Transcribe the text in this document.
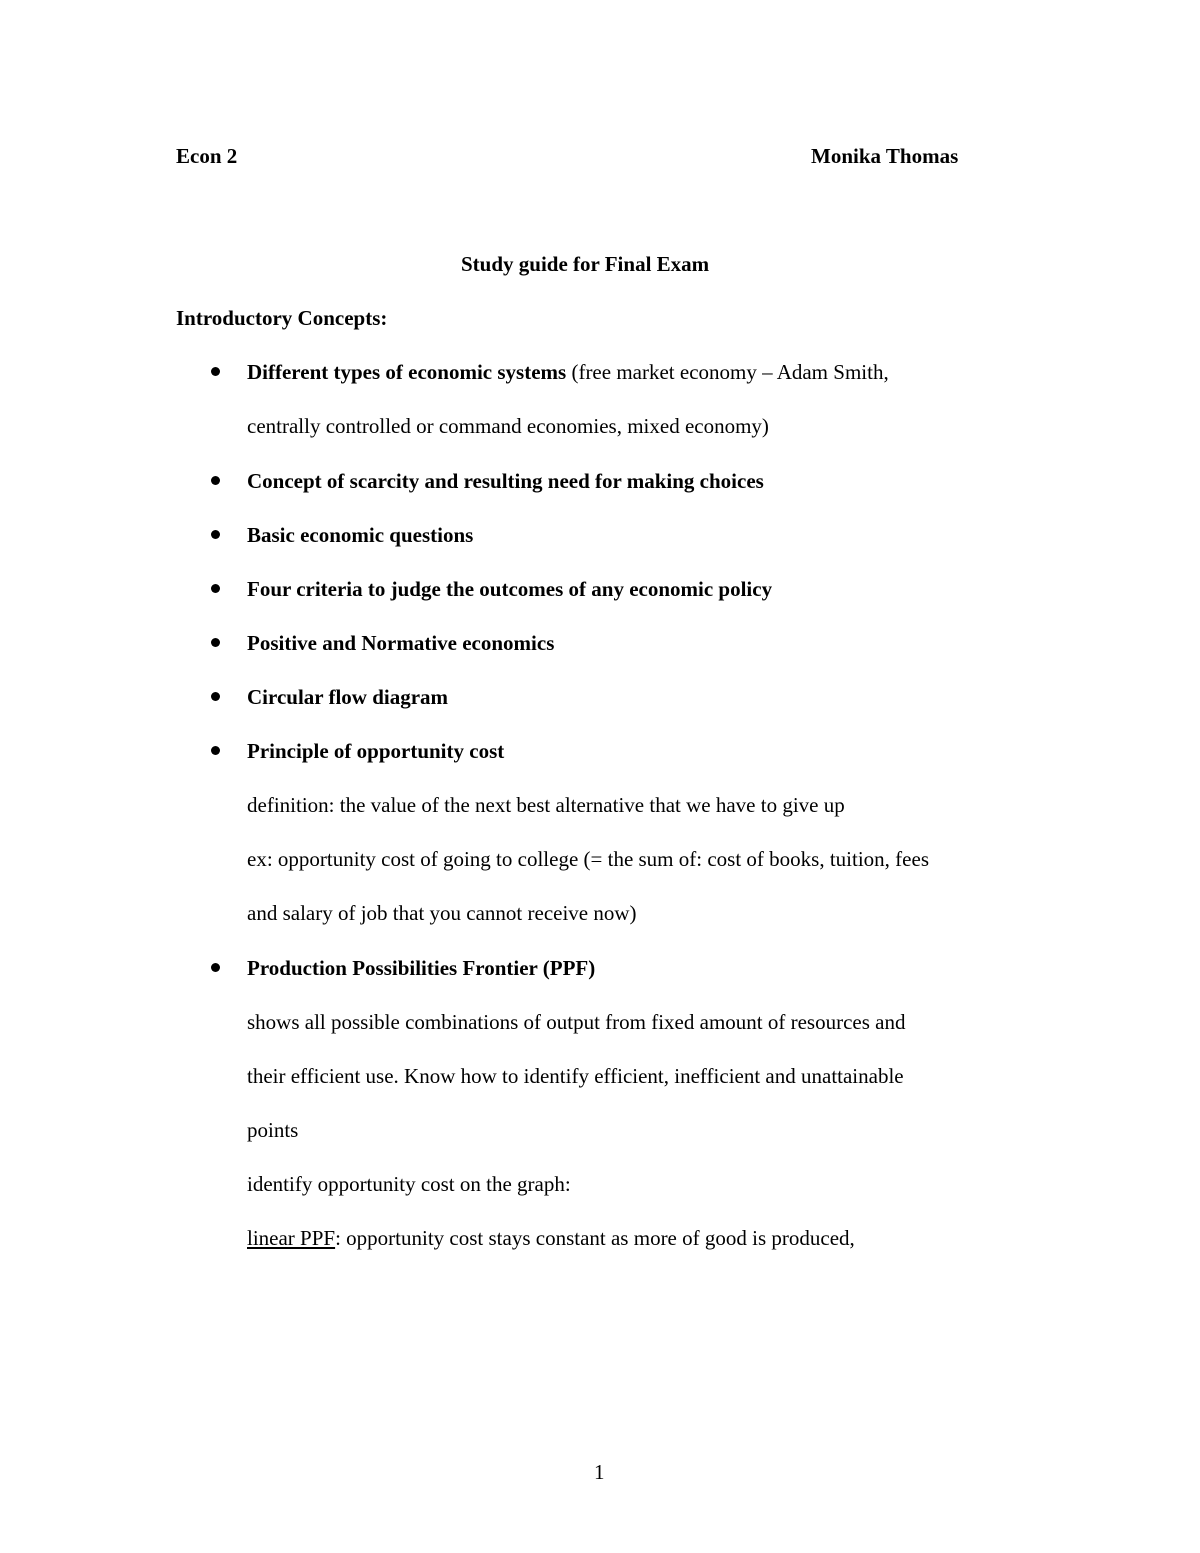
Econ 2	Monika Thomas
Study guide for Final Exam
Introductory Concepts:
Different types of economic systems (free market economy – Adam Smith,
centrally controlled or command economies, mixed economy)
Concept of scarcity and resulting need for making choices
Basic economic questions
Four criteria to judge the outcomes of any economic policy
Positive and Normative economics
Circular flow diagram
Principle of opportunity cost
definition: the value of the next best alternative that we have to give up
ex: opportunity cost of going to college (= the sum of: cost of books, tuition, fees
and salary of job that you cannot receive now)
Production Possibilities Frontier (PPF)
shows all possible combinations of output from fixed amount of resources and
their efficient use. Know how to identify efficient, inefficient and unattainable
points
identify opportunity cost on the graph:
linear PPF: opportunity cost stays constant as more of good is produced,
1
